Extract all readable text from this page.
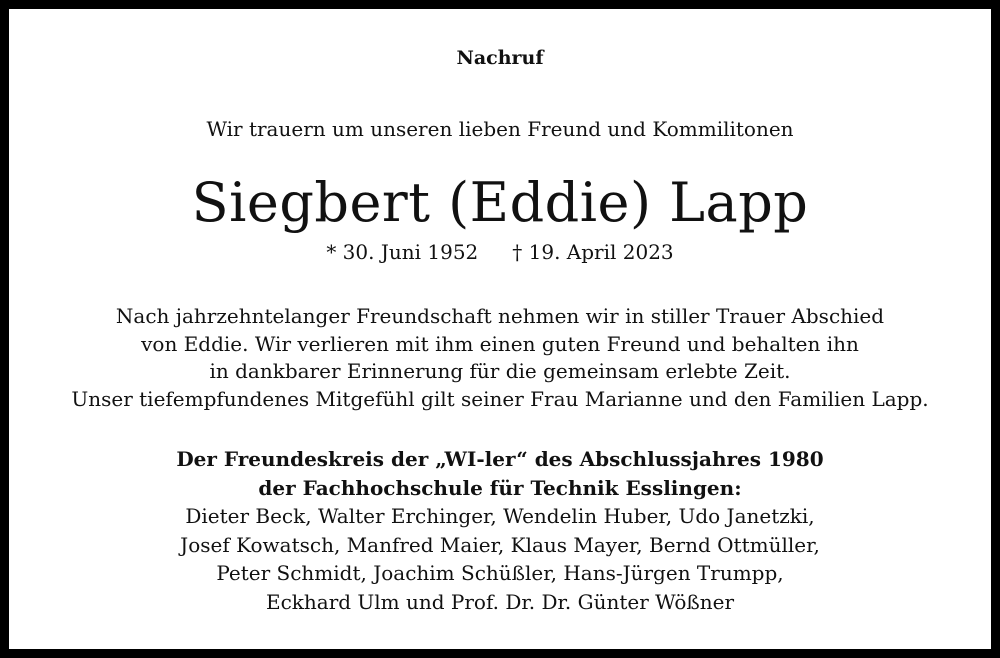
Nachruf
Wir trauern um unseren lieben Freund und Kommilitonen
Siegbert (Eddie) Lapp
* 30. Juni 1952 † 19. April 2023
Nach jahrzehntelanger Freundschaft nehmen wir in stiller Trauer Abschied
von Eddie. Wir verlieren mit ihm einen guten Freund und behalten ihn
in dankbarer Erinnerung für die gemeinsam erlebte Zeit.
Unser tiefempfundenes Mitgefühl gilt seiner Frau Marianne und den Familien Lapp.
Der Freundeskreis der „WI-ler“ des Abschlussjahres 1980
der Fachhochschule für Technik Esslingen:
Dieter Beck, Walter Erchinger, Wendelin Huber, Udo Janetzki,
Josef Kowatsch, Manfred Maier, Klaus Mayer, Bernd Ottmüller,
Peter Schmidt, Joachim Schüßler, Hans-Jürgen Trumpp,
Eckhard Ulm und Prof. Dr. Dr. Günter Wößner
